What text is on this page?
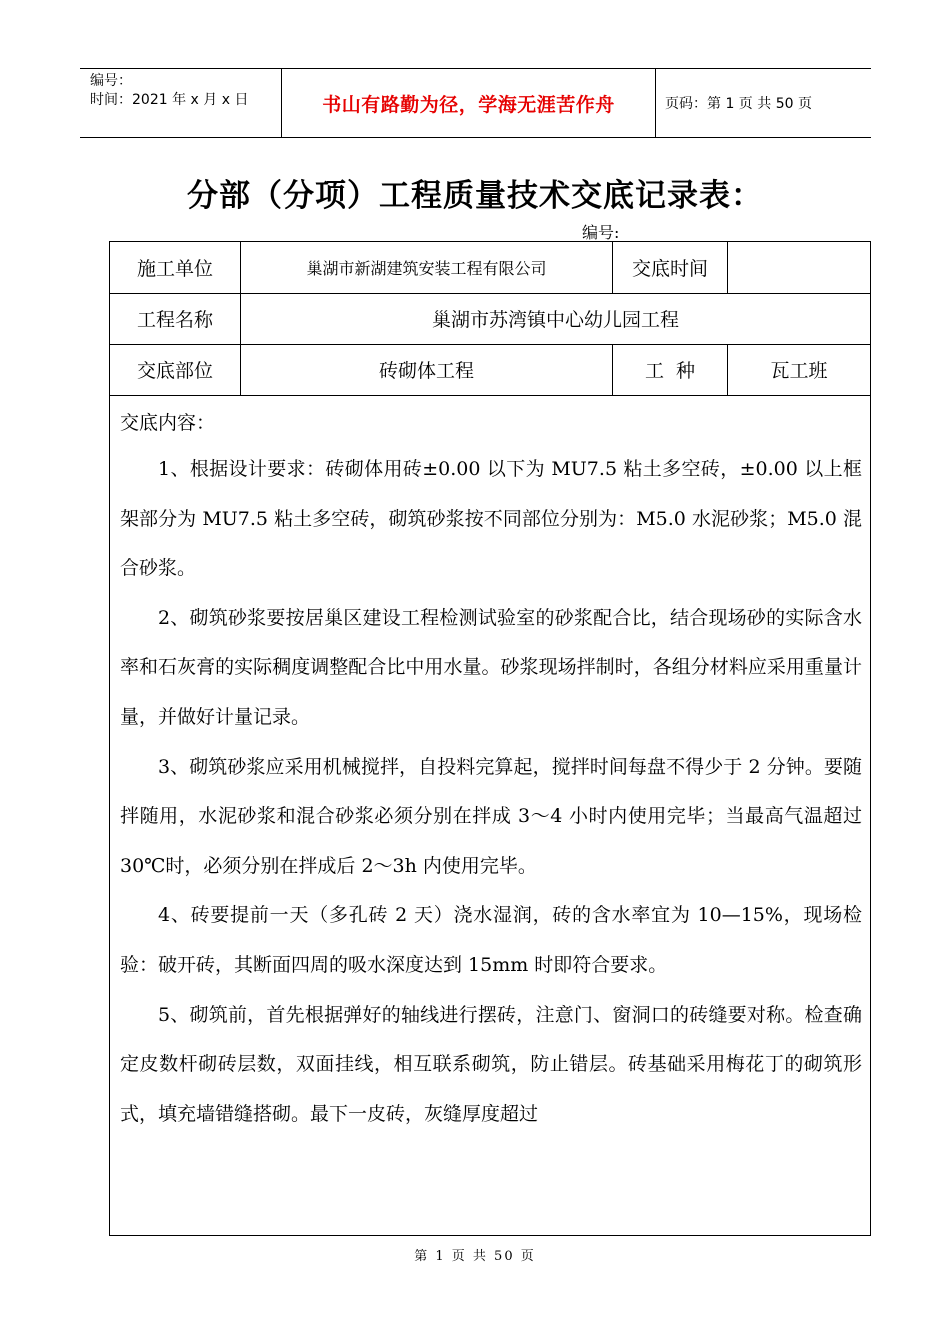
编号：
时间：2021 年 x 月 x 日	书山有路勤为径，学海无涯苦作舟	页码：第 1 页 共 50 页
分部（分项）工程质量技术交底记录表：
编号:
施工单位	巢湖市新湖建筑安装工程有限公司	交底时间
工程名称	巢湖市苏湾镇中心幼儿园工程
交底部位	砖砌体工程	工  种	瓦工班
交底内容：

1、根据设计要求：砖砌体用砖±0.00 以下为 MU7.5 粘土多空砖，±0.00 以上框架部分为 MU7.5 粘土多空砖，砌筑砂浆按不同部位分别为：M5.0 水泥砂浆；M5.0 混合砂浆。

2、砌筑砂浆要按居巢区建设工程检测试验室的砂浆配合比，结合现场砂的实际含水率和石灰膏的实际稠度调整配合比中用水量。砂浆现场拌制时，各组分材料应采用重量计量，并做好计量记录。

3、砌筑砂浆应采用机械搅拌，自投料完算起，搅拌时间每盘不得少于 2 分钟。要随拌随用，水泥砂浆和混合砂浆必须分别在拌成 3～4 小时内使用完毕；当最高气温超过 30℃时，必须分别在拌成后 2～3h 内使用完毕。

4、砖要提前一天（多孔砖 2 天）浇水湿润，砖的含水率宜为 10—15%，现场检验：破开砖，其断面四周的吸水深度达到 15mm 时即符合要求。

5、砌筑前，首先根据弹好的轴线进行摆砖，注意门、窗洞口的砖缝要对称。检查确定皮数杆砌砖层数，双面挂线，相互联系砌筑，防止错层。砖基础采用梅花丁的砌筑形式，填充墙错缝搭砌。最下一皮砖，灰缝厚度超过

第 1 页 共 50 页
